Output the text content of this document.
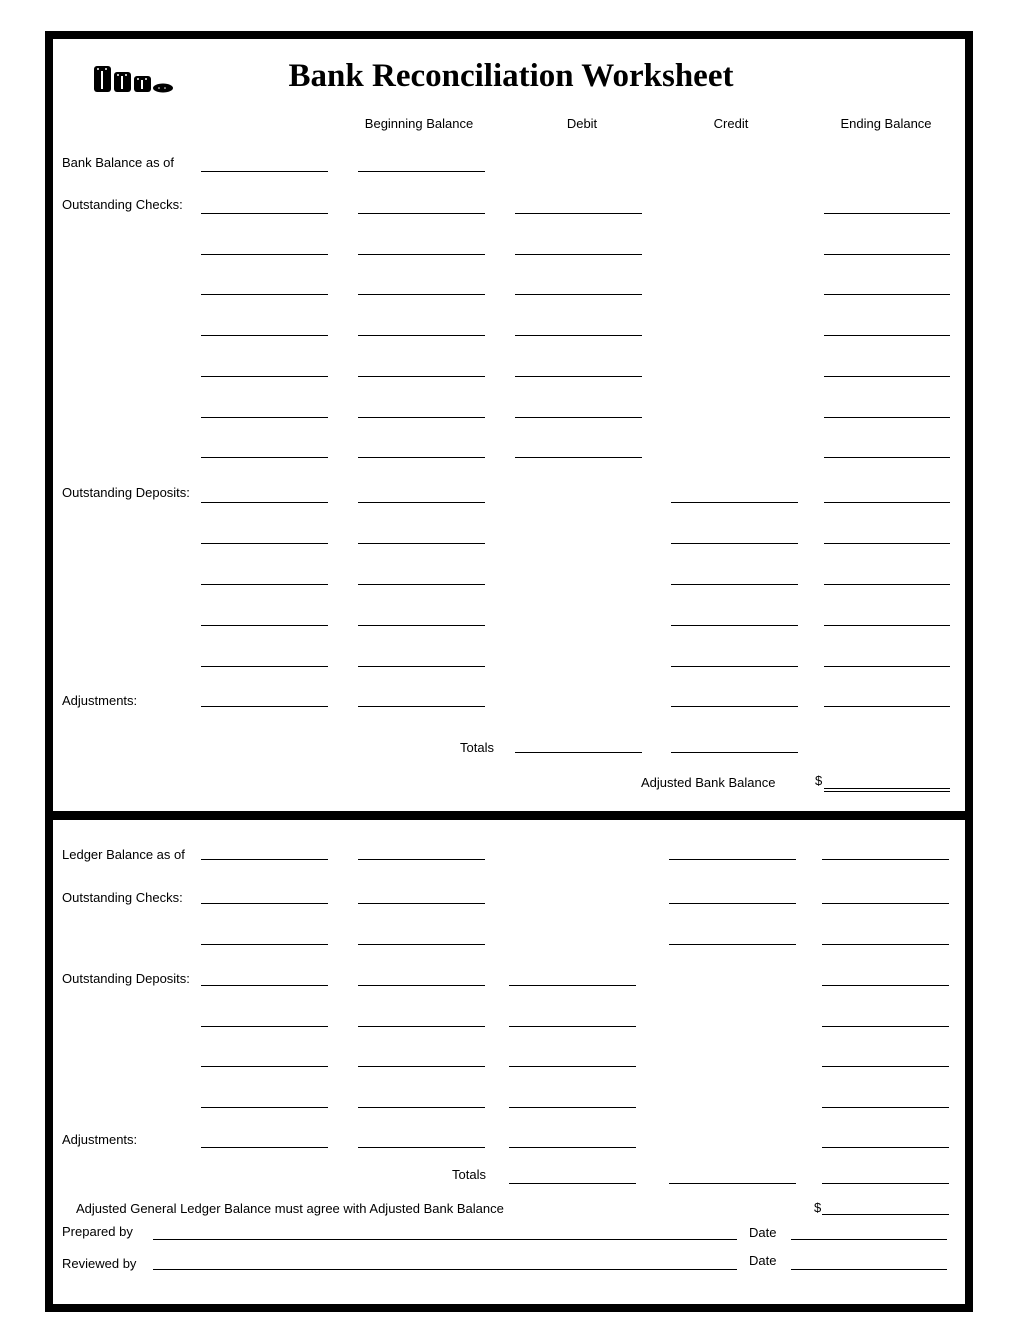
Bank Reconciliation Worksheet
Beginning Balance	Debit	Credit	Ending Balance
Bank Balance as of
Outstanding Checks:
Outstanding Deposits:
Adjustments:
Totals
Adjusted Bank Balance	$
Ledger Balance as of
Outstanding Checks:
Outstanding Deposits:
Adjustments:
Totals
Adjusted General Ledger Balance must agree with Adjusted Bank Balance	$
Prepared by	Date
Reviewed by	Date
